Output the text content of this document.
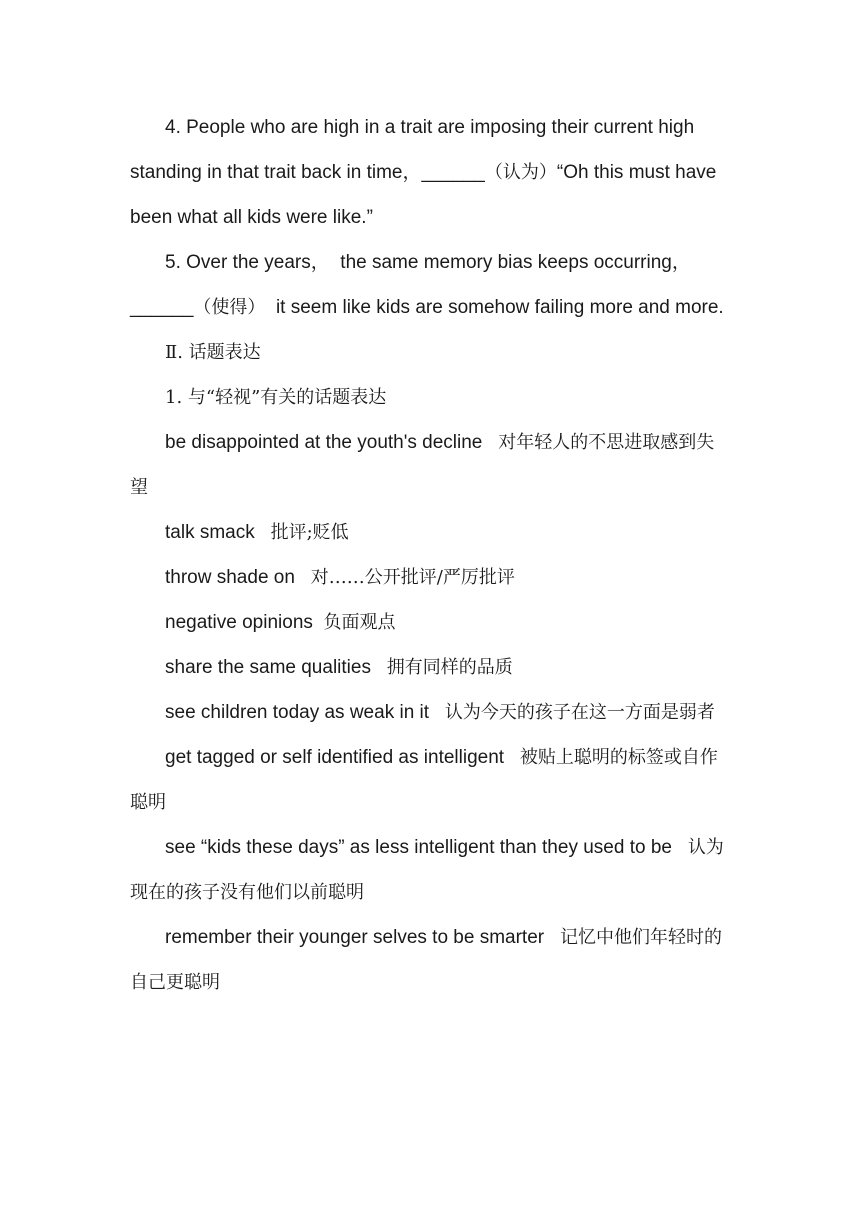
4. People who are high in a trait are imposing their current high standing in that trait back in time，______（认为）“Oh this must have been what all kids were like.”

5. Over the years，  the same memory bias keeps occurring，   ______（使得）  it seem like kids are somehow failing more and more.

Ⅱ. 话题表达

1. 与“轻视”有关的话题表达

be disappointed at the youth's decline 对年轻人的不思进取感到失望

talk smack 批评;贬低

throw shade on 对……公开批评/严厉批评

negative opinions 负面观点

share the same qualities 拥有同样的品质

see children today as weak in it 认为今天的孩子在这一方面是弱者

get tagged or self identified as intelligent 被贴上聪明的标签或自作聪明

see “kids these days” as less intelligent than they used to be 认为现在的孩子没有他们以前聪明

remember their younger selves to be smarter 记忆中他们年轻时的自己更聪明
